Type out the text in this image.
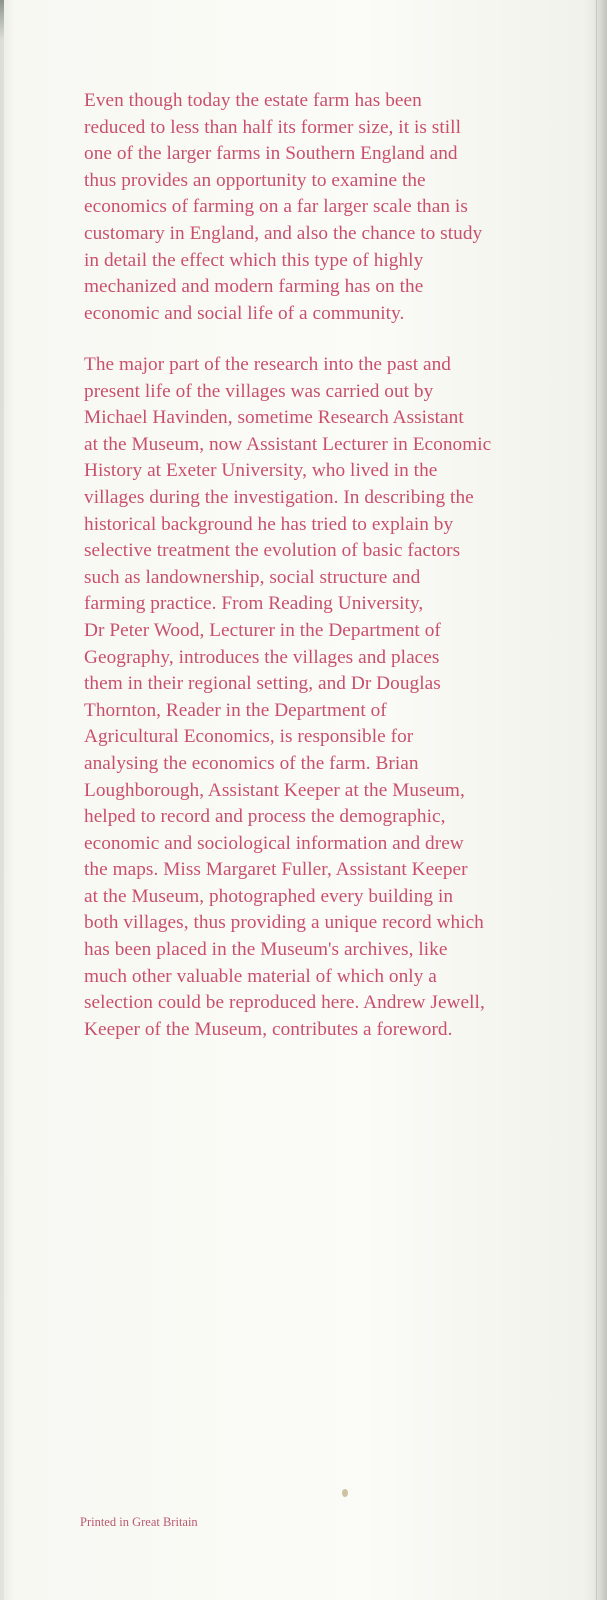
Even though today the estate farm has been
reduced to less than half its former size, it is still
one of the larger farms in Southern England and
thus provides an opportunity to examine the
economics of farming on a far larger scale than is
customary in England, and also the chance to study
in detail the effect which this type of highly
mechanized and modern farming has on the
economic and social life of a community.

The major part of the research into the past and
present life of the villages was carried out by
Michael Havinden, sometime Research Assistant
at the Museum, now Assistant Lecturer in Economic
History at Exeter University, who lived in the
villages during the investigation. In describing the
historical background he has tried to explain by
selective treatment the evolution of basic factors
such as landownership, social structure and
farming practice. From Reading University,
Dr Peter Wood, Lecturer in the Department of
Geography, introduces the villages and places
them in their regional setting, and Dr Douglas
Thornton, Reader in the Department of
Agricultural Economics, is responsible for
analysing the economics of the farm. Brian
Loughborough, Assistant Keeper at the Museum,
helped to record and process the demographic,
economic and sociological information and drew
the maps. Miss Margaret Fuller, Assistant Keeper
at the Museum, photographed every building in
both villages, thus providing a unique record which
has been placed in the Museum's archives, like
much other valuable material of which only a
selection could be reproduced here. Andrew Jewell,
Keeper of the Museum, contributes a foreword.

Printed in Great Britain
